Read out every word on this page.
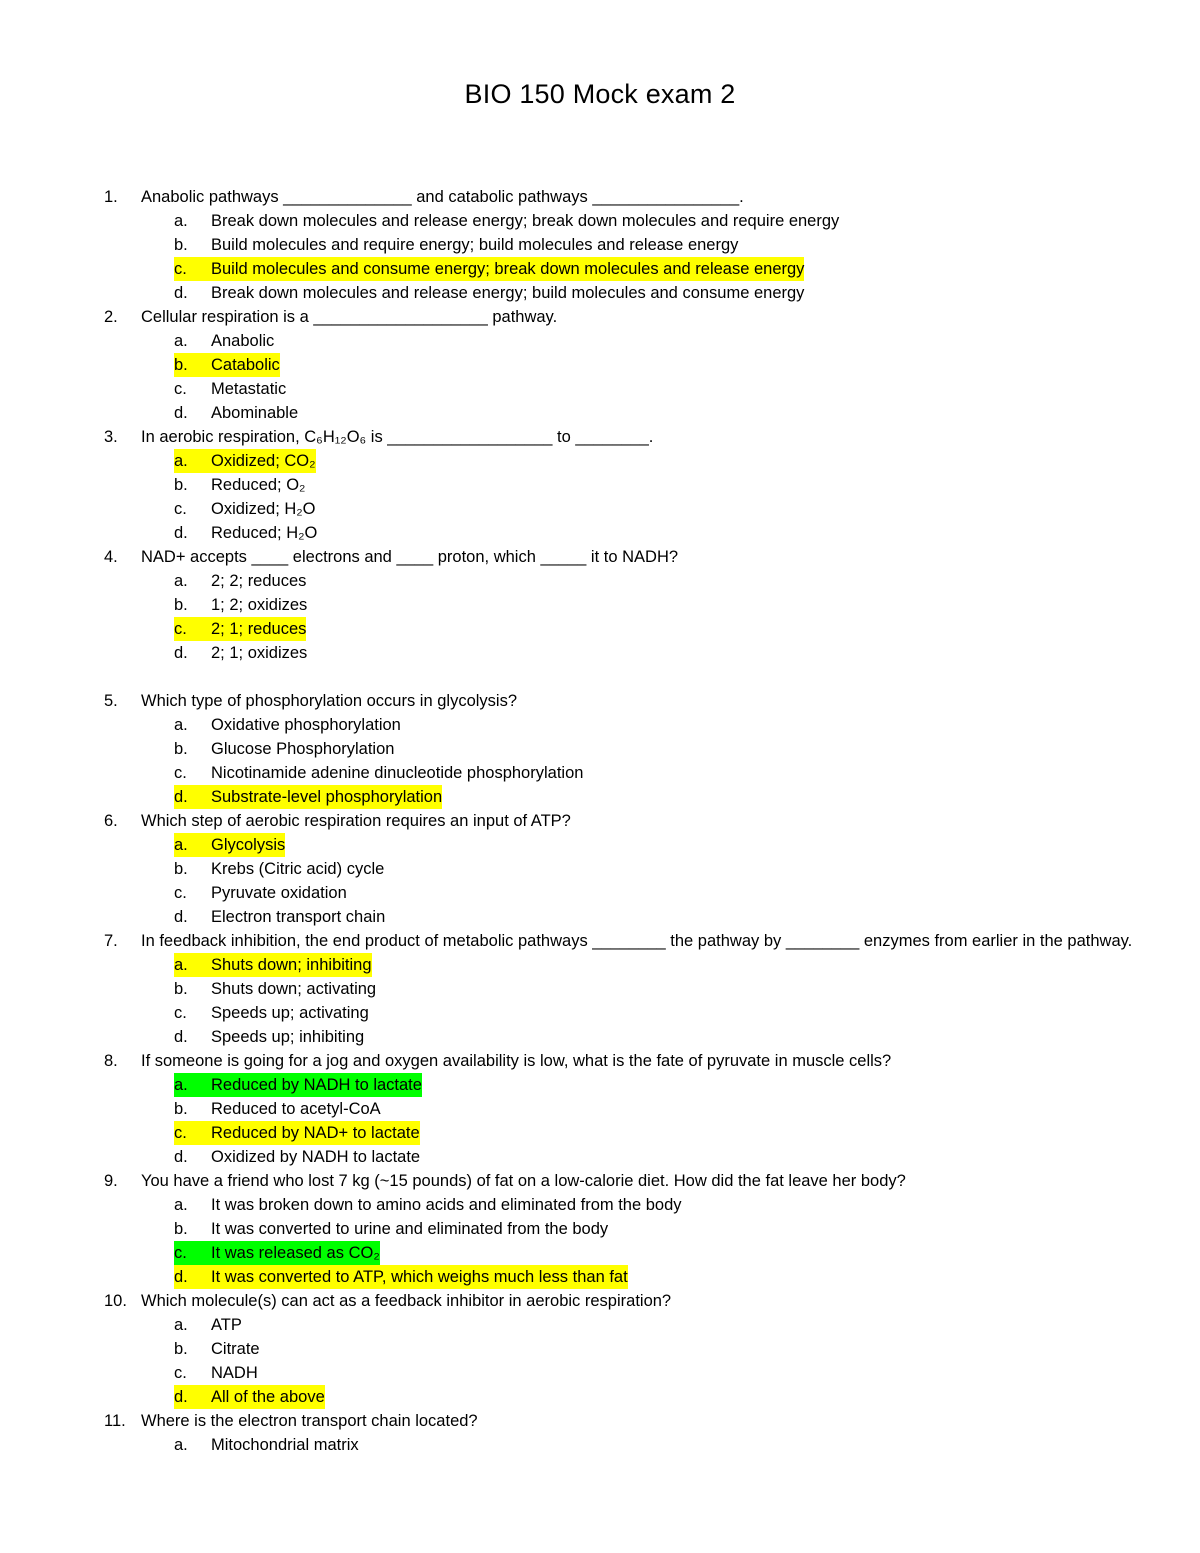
BIO 150 Mock exam 2
1.	Anabolic pathways ______________ and catabolic pathways ________________.
a.	Break down molecules and release energy; break down molecules and require energy
b.	Build molecules and require energy; build molecules and release energy
c.	Build molecules and consume energy; break down molecules and release energy
d.	Break down molecules and release energy; build molecules and consume energy
2.	Cellular respiration is a ___________________ pathway.
a.	Anabolic
b.	Catabolic
c.	Metastatic
d.	Abominable
3.	In aerobic respiration, C₆H₁₂O₆ is __________________ to ________.
a.	Oxidized; CO₂
b.	Reduced; O₂
c.	Oxidized; H₂O
d.	Reduced; H₂O
4.	NAD+ accepts ____ electrons and ____ proton, which _____ it to NADH?
a.	2; 2; reduces
b.	1; 2; oxidizes
c.	2; 1; reduces
d.	2; 1; oxidizes
5.	Which type of phosphorylation occurs in glycolysis?
a.	Oxidative phosphorylation
b.	Glucose Phosphorylation
c.	Nicotinamide adenine dinucleotide phosphorylation
d.	Substrate-level phosphorylation
6.	Which step of aerobic respiration requires an input of ATP?
a.	Glycolysis
b.	Krebs (Citric acid) cycle
c.	Pyruvate oxidation
d.	Electron transport chain
7.	In feedback inhibition, the end product of metabolic pathways ________ the pathway by ________ enzymes from earlier in the pathway.
a.	Shuts down; inhibiting
b.	Shuts down; activating
c.	Speeds up; activating
d.	Speeds up; inhibiting
8.	If someone is going for a jog and oxygen availability is low, what is the fate of pyruvate in muscle cells?
a.	Reduced by NADH to lactate
b.	Reduced to acetyl-CoA
c.	Reduced by NAD+ to lactate
d.	Oxidized by NADH to lactate
9.	You have a friend who lost 7 kg (~15 pounds) of fat on a low-calorie diet. How did the fat leave her body?
a.	It was broken down to amino acids and eliminated from the body
b.	It was converted to urine and eliminated from the body
c.	It was released as CO₂
d.	It was converted to ATP, which weighs much less than fat
10. Which molecule(s) can act as a feedback inhibitor in aerobic respiration?
a.	ATP
b.	Citrate
c.	NADH
d.	All of the above
11. Where is the electron transport chain located?
a.	Mitochondrial matrix
